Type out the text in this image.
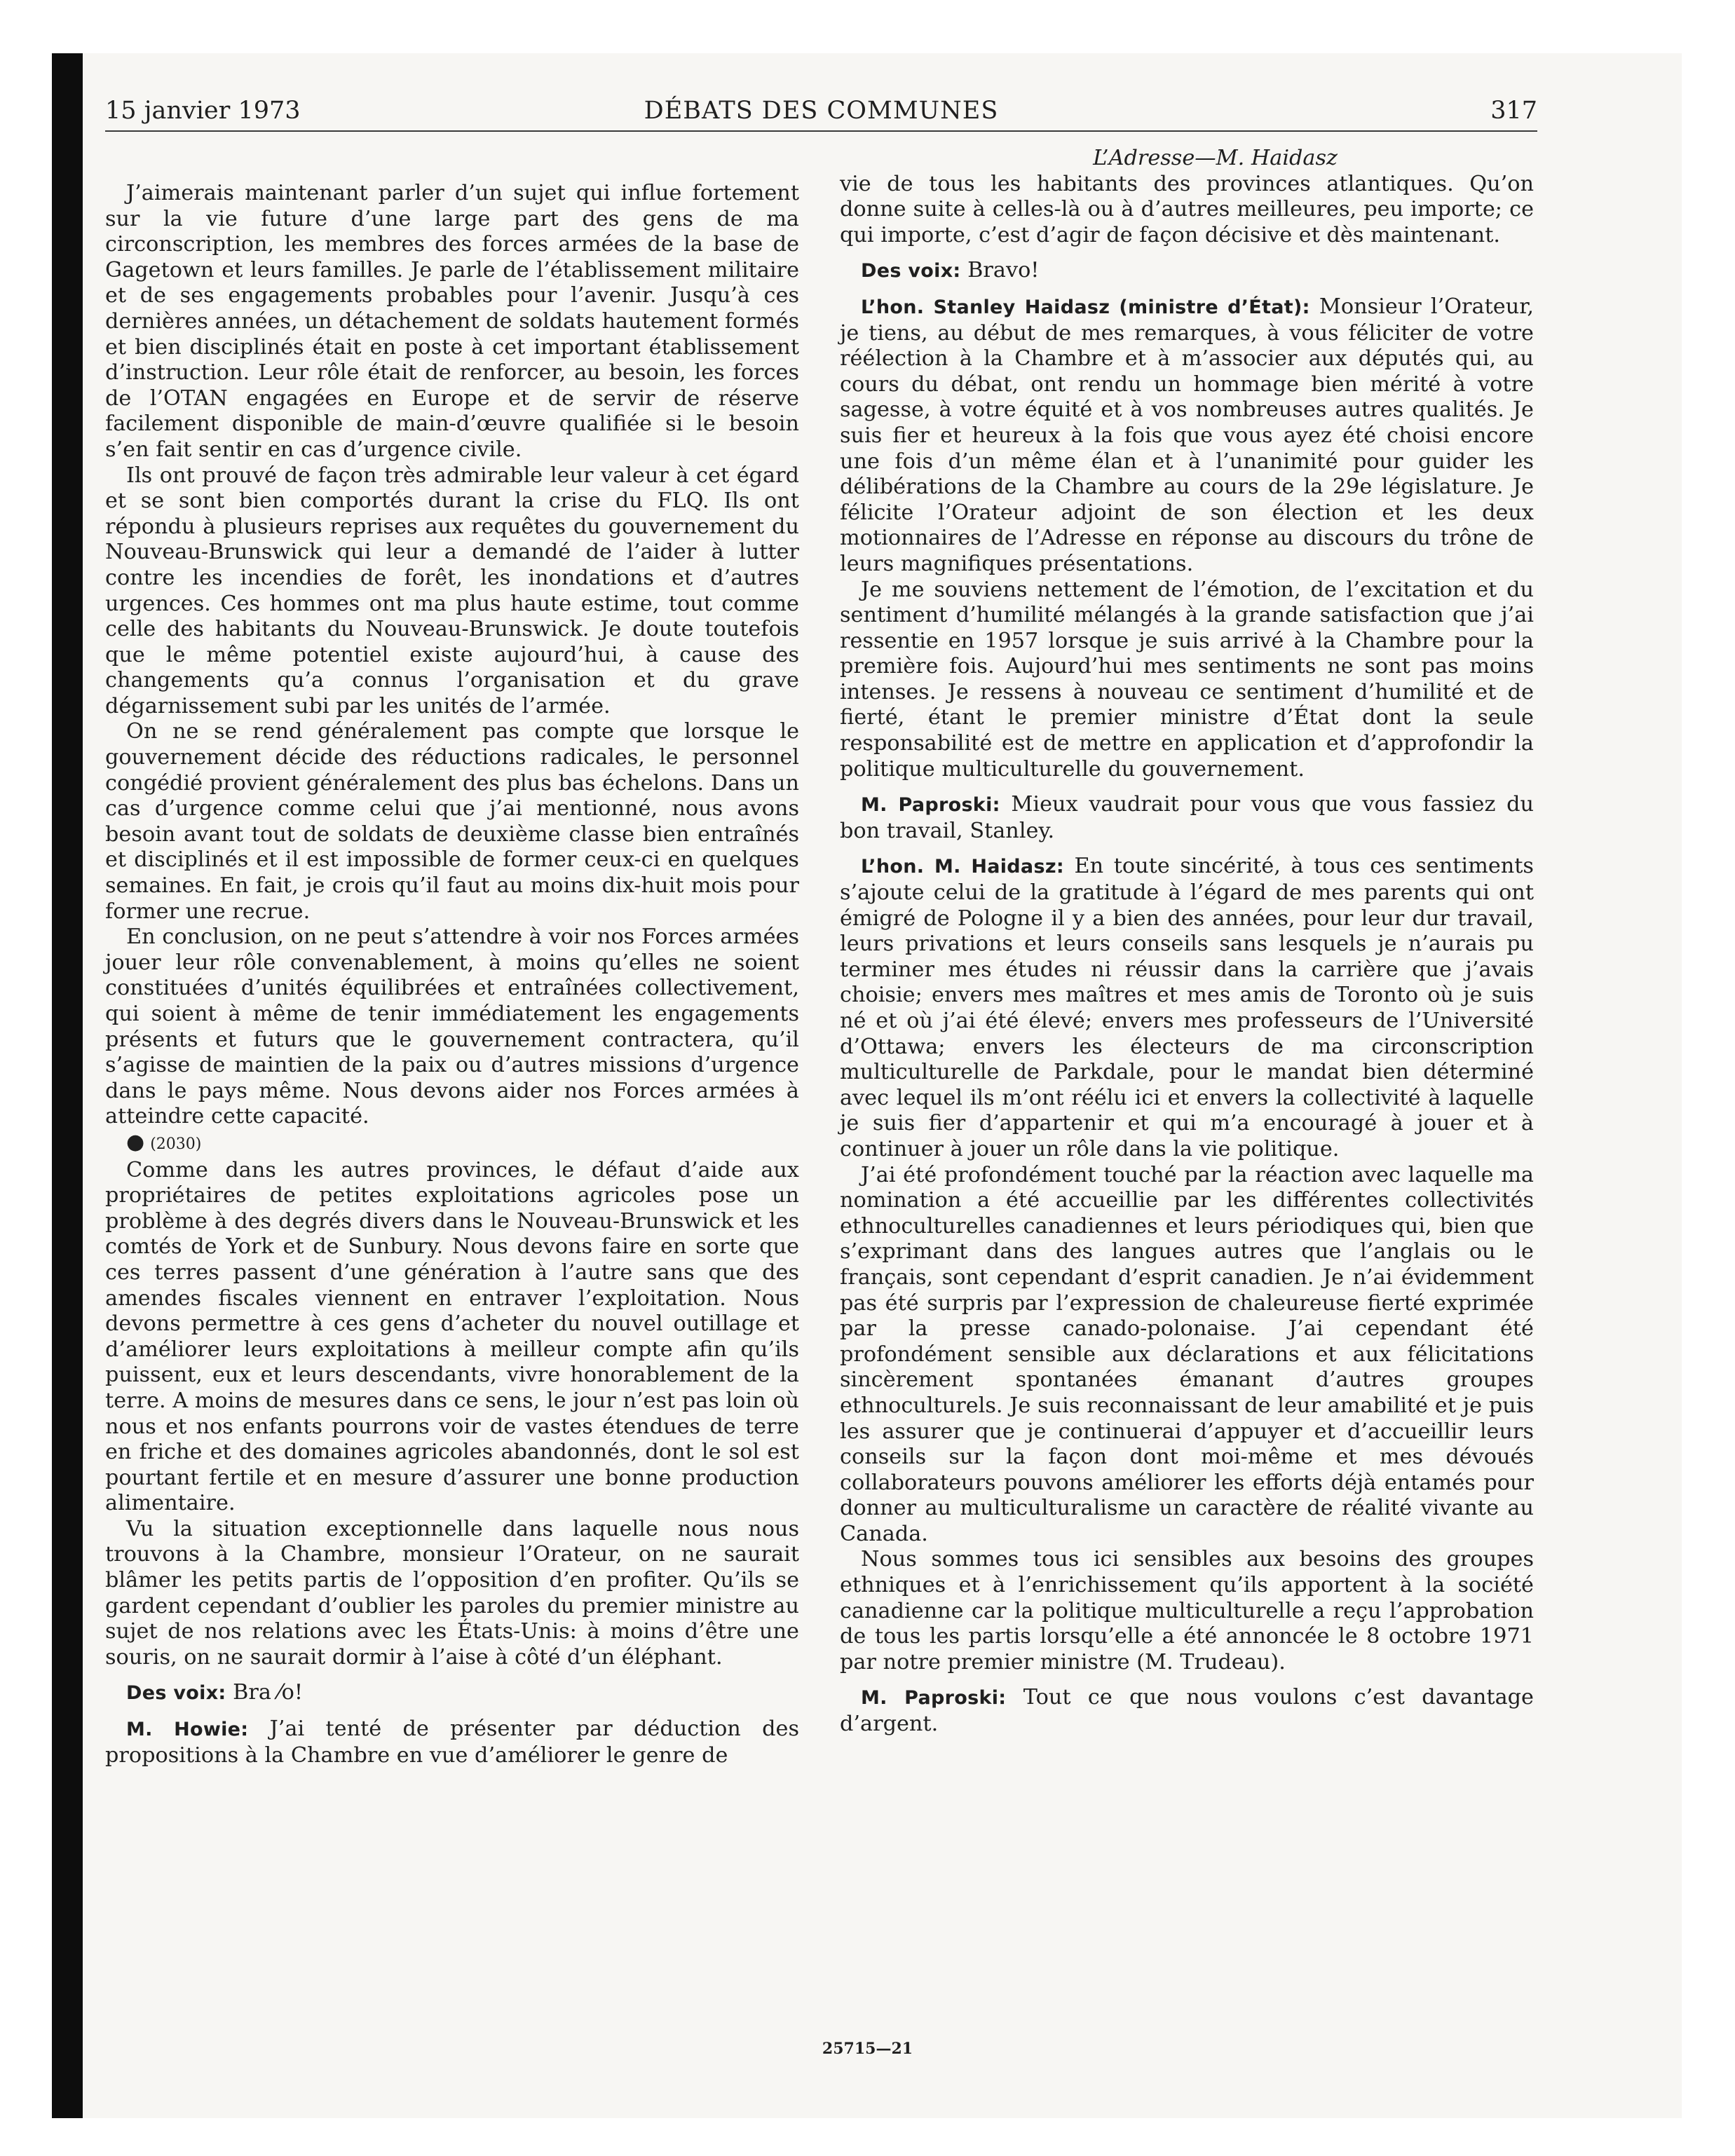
15 janvier 1973	DÉBATS DES COMMUNES	317

J’aimerais maintenant parler d’un sujet qui influe fortement sur la vie future d’une large part des gens de ma circonscription, les membres des forces armées de la base de Gagetown et leurs familles. Je parle de l’établissement militaire et de ses engagements probables pour l’avenir. Jusqu’à ces dernières années, un détachement de soldats hautement formés et bien disciplinés était en poste à cet important établissement d’instruction. Leur rôle était de renforcer, au besoin, les forces de l’OTAN engagées en Europe et de servir de réserve facilement disponible de main-d’œuvre qualifiée si le besoin s’en fait sentir en cas d’urgence civile.

Ils ont prouvé de façon très admirable leur valeur à cet égard et se sont bien comportés durant la crise du FLQ. Ils ont répondu à plusieurs reprises aux requêtes du gouvernement du Nouveau-Brunswick qui leur a demandé de l’aider à lutter contre les incendies de forêt, les inondations et d’autres urgences. Ces hommes ont ma plus haute estime, tout comme celle des habitants du Nouveau-Brunswick. Je doute toutefois que le même potentiel existe aujourd’hui, à cause des changements qu’a connus l’organisation et du grave dégarnissement subi par les unités de l’armée.

On ne se rend généralement pas compte que lorsque le gouvernement décide des réductions radicales, le personnel congédié provient généralement des plus bas échelons. Dans un cas d’urgence comme celui que j’ai mentionné, nous avons besoin avant tout de soldats de deuxième classe bien entraînés et disciplinés et il est impossible de former ceux-ci en quelques semaines. En fait, je crois qu’il faut au moins dix-huit mois pour former une recrue.

En conclusion, on ne peut s’attendre à voir nos Forces armées jouer leur rôle convenablement, à moins qu’elles ne soient constituées d’unités équilibrées et entraînées collectivement, qui soient à même de tenir immédiatement les engagements présents et futurs que le gouvernement contractera, qu’il s’agisse de maintien de la paix ou d’autres missions d’urgence dans le pays même. Nous devons aider nos Forces armées à atteindre cette capacité.

● (2030)

Comme dans les autres provinces, le défaut d’aide aux propriétaires de petites exploitations agricoles pose un problème à des degrés divers dans le Nouveau-Brunswick et les comtés de York et de Sunbury. Nous devons faire en sorte que ces terres passent d’une génération à l’autre sans que des amendes fiscales viennent en entraver l’exploitation. Nous devons permettre à ces gens d’acheter du nouvel outillage et d’améliorer leurs exploitations à meilleur compte afin qu’ils puissent, eux et leurs descendants, vivre honorablement de la terre. A moins de mesures dans ce sens, le jour n’est pas loin où nous et nos enfants pourrons voir de vastes étendues de terre en friche et des domaines agricoles abandonnés, dont le sol est pourtant fertile et en mesure d’assurer une bonne production alimentaire.

Vu la situation exceptionnelle dans laquelle nous nous trouvons à la Chambre, monsieur l’Orateur, on ne saurait blâmer les petits partis de l’opposition d’en profiter. Qu’ils se gardent cependant d’oublier les paroles du premier ministre au sujet de nos relations avec les États-Unis: à moins d’être une souris, on ne saurait dormir à l’aise à côté d’un éléphant.

Des voix: Bra ⁄o!

M. Howie: J’ai tenté de présenter par déduction des propositions à la Chambre en vue d’améliorer le genre de

L’Adresse—M. Haidasz

vie de tous les habitants des provinces atlantiques. Qu’on donne suite à celles-là ou à d’autres meilleures, peu importe; ce qui importe, c’est d’agir de façon décisive et dès maintenant.

Des voix: Bravo!

L’hon. Stanley Haidasz (ministre d’État): Monsieur l’Orateur, je tiens, au début de mes remarques, à vous féliciter de votre réélection à la Chambre et à m’associer aux députés qui, au cours du débat, ont rendu un hommage bien mérité à votre sagesse, à votre équité et à vos nombreuses autres qualités. Je suis fier et heureux à la fois que vous ayez été choisi encore une fois d’un même élan et à l’unanimité pour guider les délibérations de la Chambre au cours de la 29e législature. Je félicite l’Orateur adjoint de son élection et les deux motionnaires de l’Adresse en réponse au discours du trône de leurs magnifiques présentations.

Je me souviens nettement de l’émotion, de l’excitation et du sentiment d’humilité mélangés à la grande satisfaction que j’ai ressentie en 1957 lorsque je suis arrivé à la Chambre pour la première fois. Aujourd’hui mes sentiments ne sont pas moins intenses. Je ressens à nouveau ce sentiment d’humilité et de fierté, étant le premier ministre d’État dont la seule responsabilité est de mettre en application et d’approfondir la politique multiculturelle du gouvernement.

M. Paproski: Mieux vaudrait pour vous que vous fassiez du bon travail, Stanley.

L’hon. M. Haidasz: En toute sincérité, à tous ces sentiments s’ajoute celui de la gratitude à l’égard de mes parents qui ont émigré de Pologne il y a bien des années, pour leur dur travail, leurs privations et leurs conseils sans lesquels je n’aurais pu terminer mes études ni réussir dans la carrière que j’avais choisie; envers mes maîtres et mes amis de Toronto où je suis né et où j’ai été élevé; envers mes professeurs de l’Université d’Ottawa; envers les électeurs de ma circonscription multiculturelle de Parkdale, pour le mandat bien déterminé avec lequel ils m’ont réélu ici et envers la collectivité à laquelle je suis fier d’appartenir et qui m’a encouragé à jouer et à continuer à jouer un rôle dans la vie politique.

J’ai été profondément touché par la réaction avec laquelle ma nomination a été accueillie par les différentes collectivités ethnoculturelles canadiennes et leurs périodiques qui, bien que s’exprimant dans des langues autres que l’anglais ou le français, sont cependant d’esprit canadien. Je n’ai évidemment pas été surpris par l’expression de chaleureuse fierté exprimée par la presse canado-polonaise. J’ai cependant été profondément sensible aux déclarations et aux félicitations sincèrement spontanées émanant d’autres groupes ethnoculturels. Je suis reconnaissant de leur amabilité et je puis les assurer que je continuerai d’appuyer et d’accueillir leurs conseils sur la façon dont moi-même et mes dévoués collaborateurs pouvons améliorer les efforts déjà entamés pour donner au multiculturalisme un caractère de réalité vivante au Canada.

Nous sommes tous ici sensibles aux besoins des groupes ethniques et à l’enrichissement qu’ils apportent à la société canadienne car la politique multiculturelle a reçu l’approbation de tous les partis lorsqu’elle a été annoncée le 8 octobre 1971 par notre premier ministre (M. Trudeau).

M. Paproski: Tout ce que nous voulons c’est davantage d’argent.

25715—21
